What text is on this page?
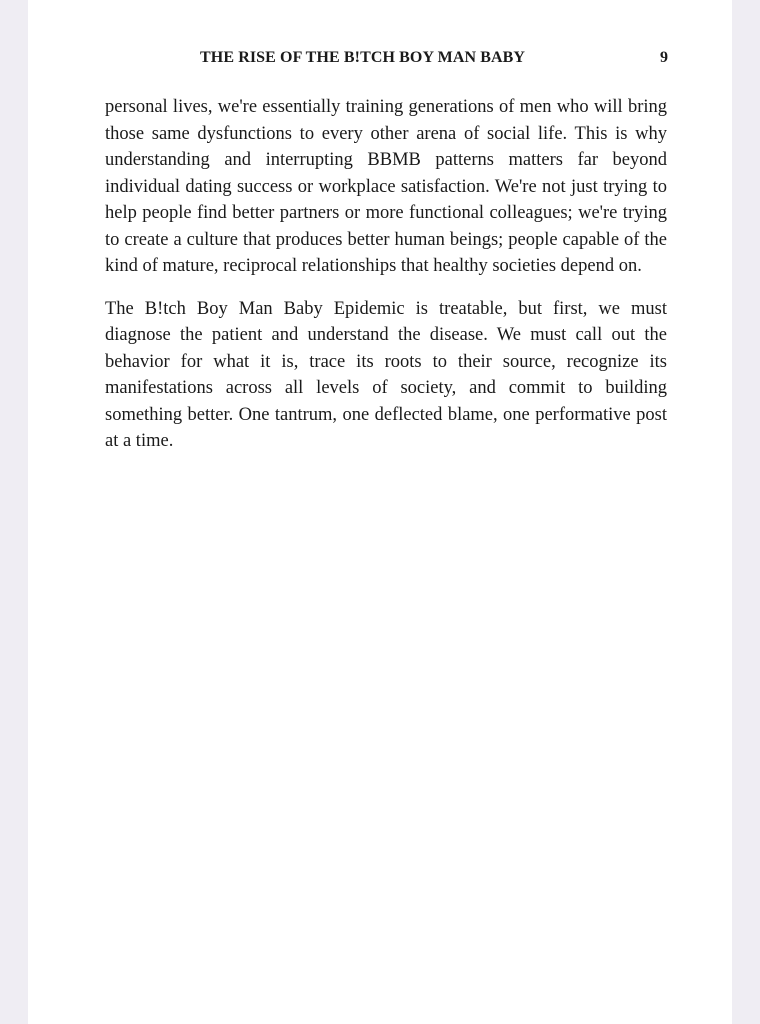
THE RISE OF THE B!TCH BOY MAN BABY	9

personal lives, we're essentially training generations of men who will bring those same dysfunctions to every other arena of social life. This is why understanding and interrupting BBMB patterns matters far beyond individual dating success or workplace satisfaction. We're not just trying to help people find better partners or more functional colleagues; we're trying to create a culture that produces better human beings; people capable of the kind of mature, reciprocal relationships that healthy societies depend on.

The B!tch Boy Man Baby Epidemic is treatable, but first, we must diagnose the patient and understand the disease. We must call out the behavior for what it is, trace its roots to their source, recognize its manifestations across all levels of society, and commit to building something better. One tantrum, one deflected blame, one performative post at a time.
